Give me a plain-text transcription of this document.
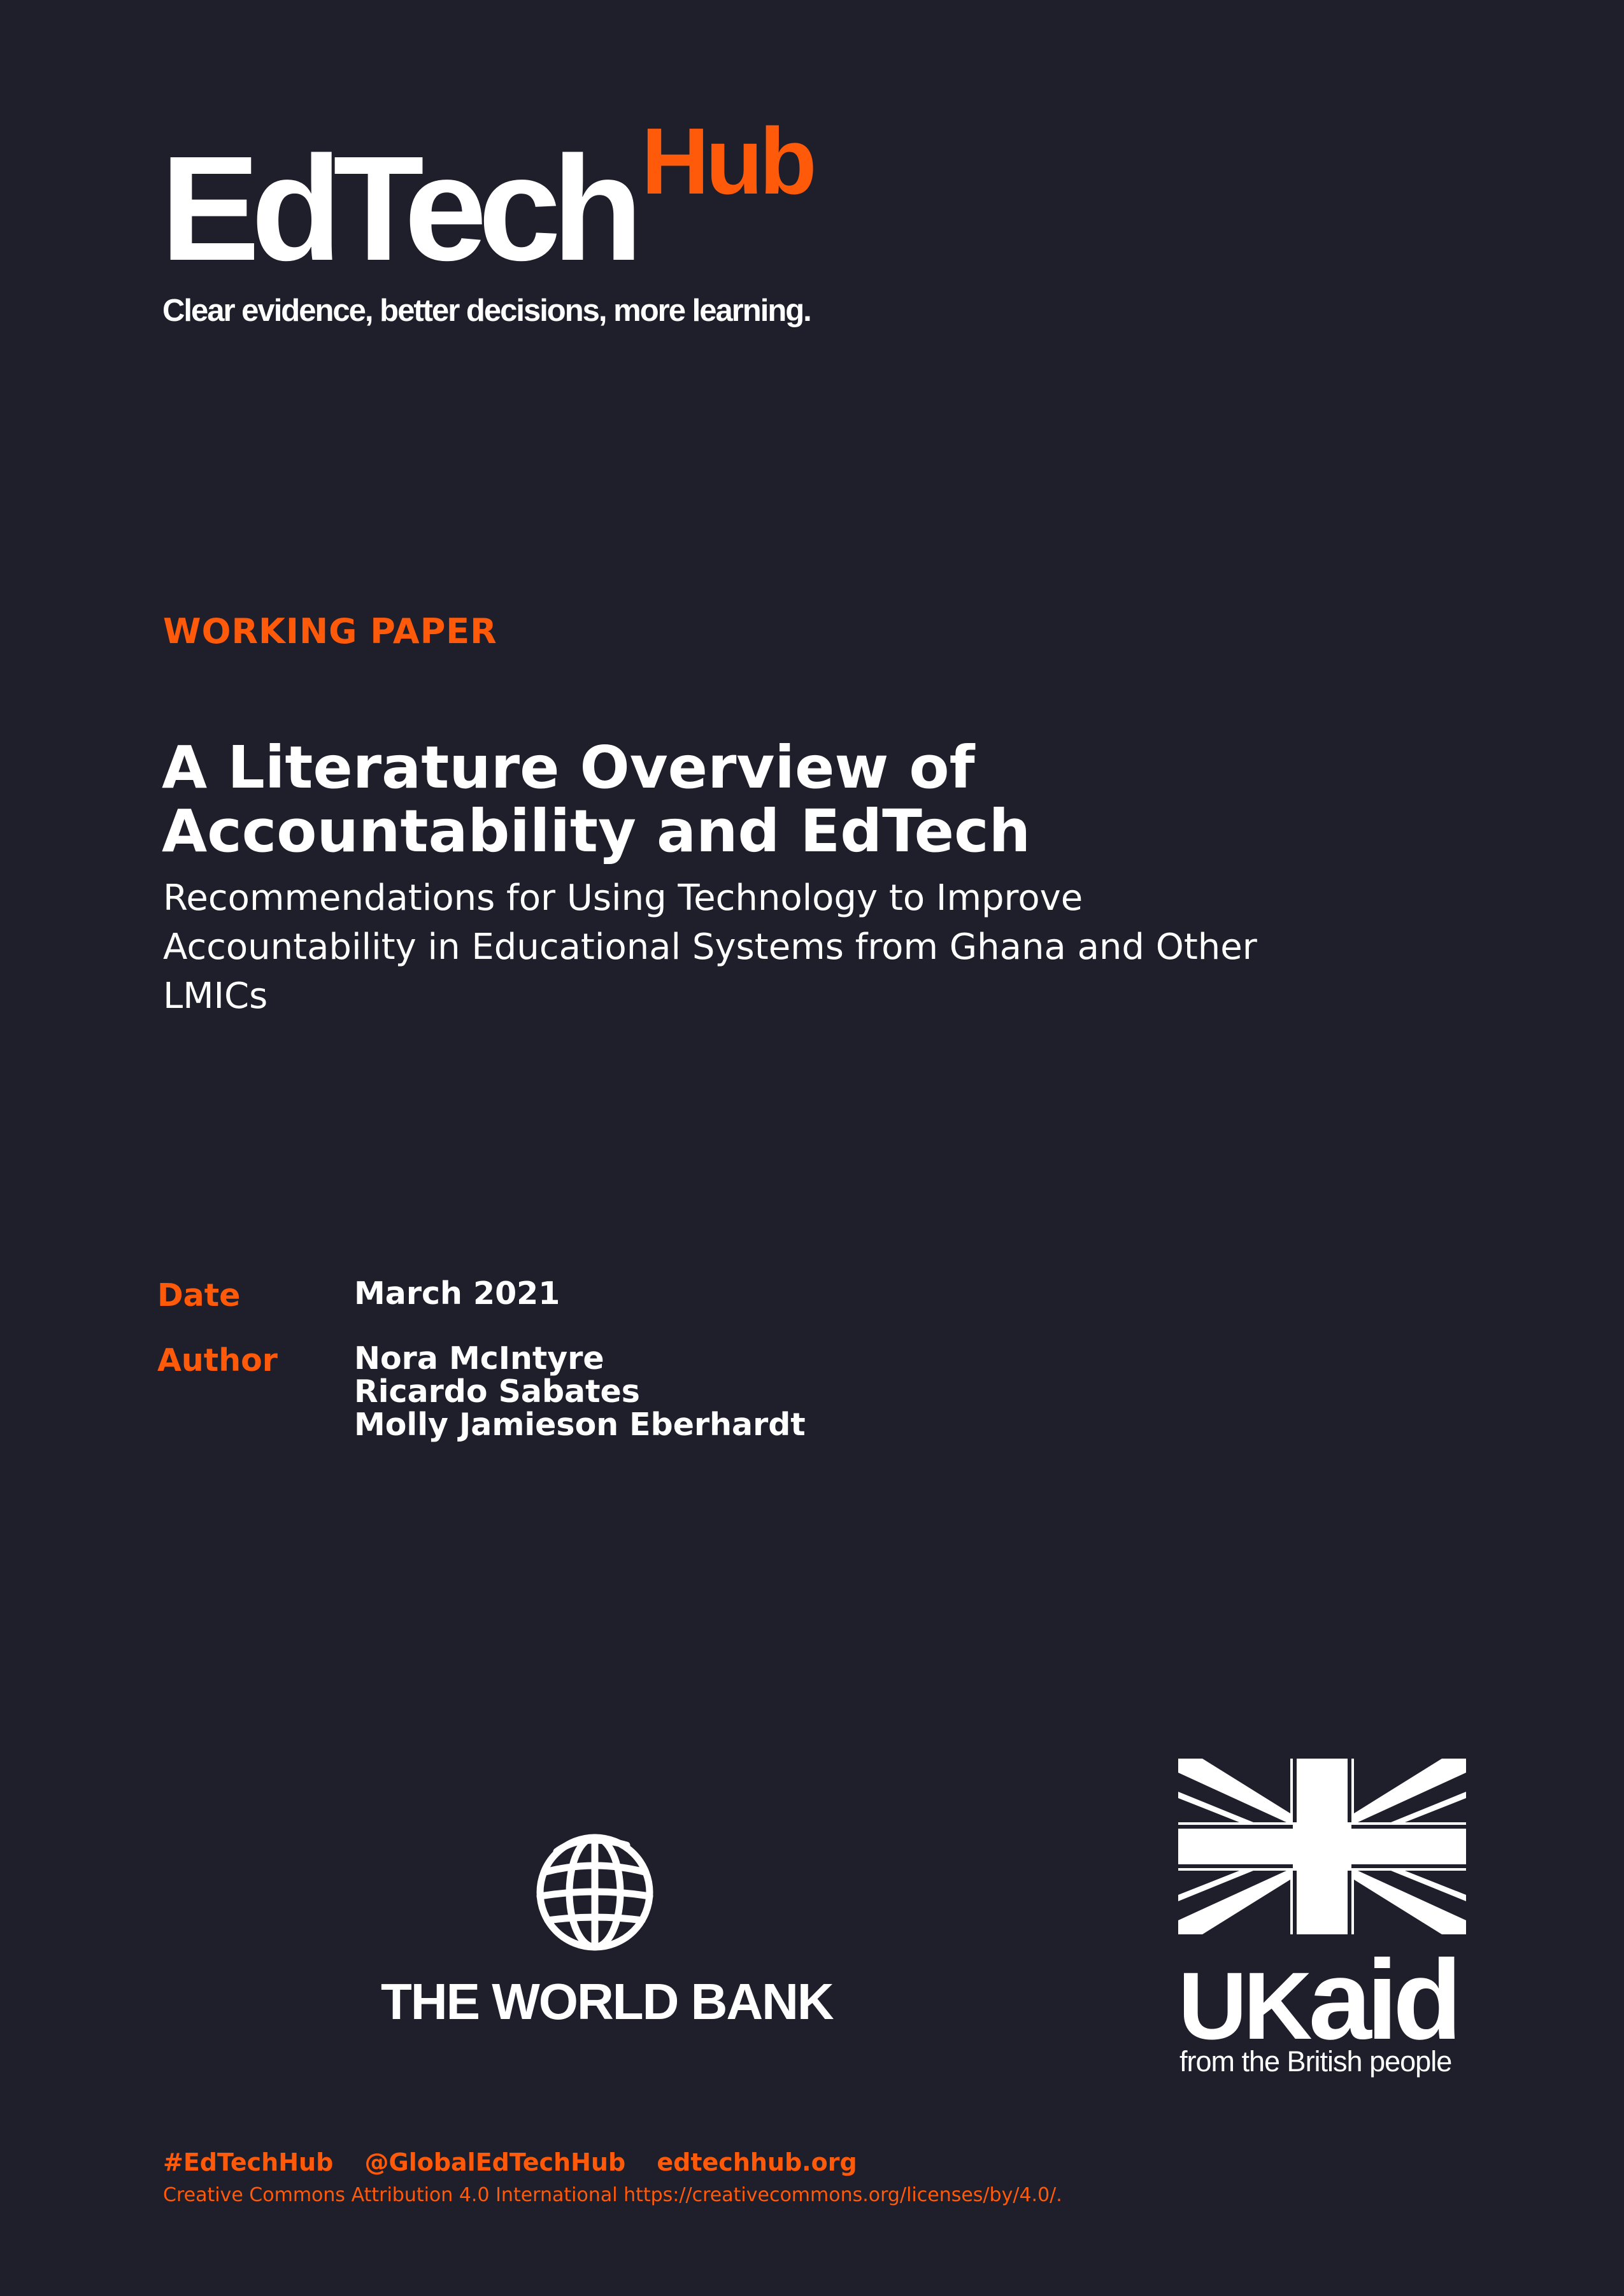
EdTech Hub
Clear evidence, better decisions, more learning.
WORKING PAPER
A Literature Overview of
Accountability and EdTech
Recommendations for Using Technology to Improve
Accountability in Educational Systems from Ghana and Other
LMICs
Date	March 2021
Author Nora McIntyre
Ricardo Sabates
Molly Jamieson Eberhardt
THE WORLD BANK	UKaid
from the British people
#EdTechHub @GlobalEdTechHub edtechhub.org
Creative Commons Attribution 4.0 International https://creativecommons.org/licenses/by/4.0/.
